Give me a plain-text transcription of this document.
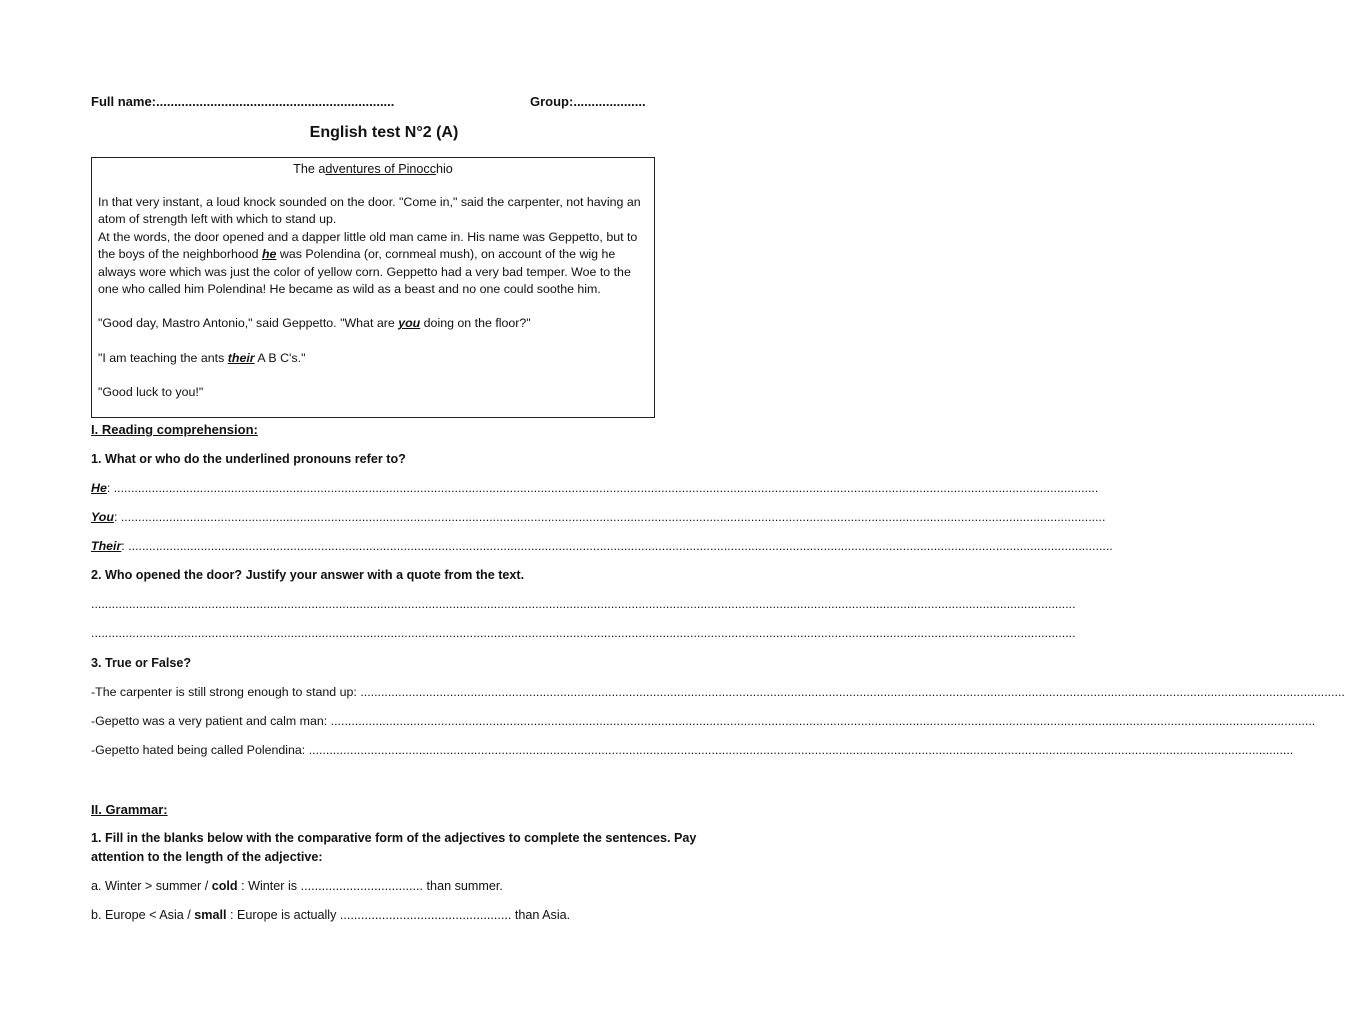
Full name:..................................................................	Group:....................
English test N°2 (A)
The adventures of Pinocchio
In that very instant, a loud knock sounded on the door. "Come in," said the carpenter, not having an atom of strength left with which to stand up.
At the words, the door opened and a dapper little old man came in. His name was Geppetto, but to the boys of the neighborhood he was Polendina (or, cornmeal mush), on account of the wig he always wore which was just the color of yellow corn. Geppetto had a very bad temper. Woe to the one who called him Polendina! He became as wild as a beast and no one could soothe him.
"Good day, Mastro Antonio," said Geppetto. "What are you doing on the floor?"
"I am teaching the ants their A B C's."
"Good luck to you!"
I. Reading comprehension:
1. What or who do the underlined pronouns refer to?
He: ..............................................................................................................................................................................................................................................................................................
You: ..............................................................................................................................................................................................................................................................................................
Their: ..............................................................................................................................................................................................................................................................................................
2. Who opened the door? Justify your answer with a quote from the text.
..............................................................................................................................................................................................................................................................................................
..............................................................................................................................................................................................................................................................................................
3. True or False?
-The carpenter is still strong enough to stand up: ..............................................................................................................................................................................................................................................................................................
-Gepetto was a very patient and calm man: ..............................................................................................................................................................................................................................................................................................
-Gepetto hated being called Polendina: ..............................................................................................................................................................................................................................................................................................
II. Grammar:
1. Fill in the blanks below with the comparative form of the adjectives to complete the sentences. Pay
attention to the length of the adjective:
a. Winter > summer / cold : Winter is ................................... than summer.
b. Europe < Asia / small : Europe is actually ................................................. than Asia.
